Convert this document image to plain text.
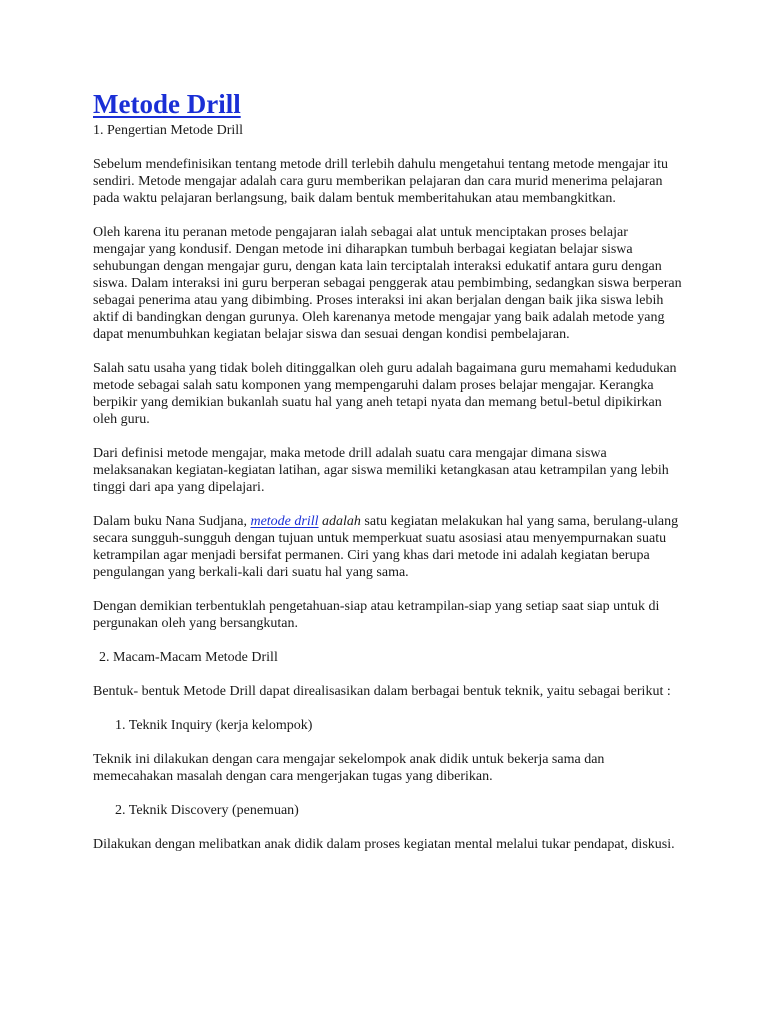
Metode Drill

1. Pengertian Metode Drill

Sebelum mendefinisikan tentang metode drill terlebih dahulu mengetahui tentang metode mengajar itu sendiri. Metode mengajar adalah cara guru memberikan pelajaran dan cara murid menerima pelajaran pada waktu pelajaran berlangsung, baik dalam bentuk memberitahukan atau membangkitkan.

Oleh karena itu peranan metode pengajaran ialah sebagai alat untuk menciptakan proses belajar mengajar yang kondusif. Dengan metode ini diharapkan tumbuh berbagai kegiatan belajar siswa sehubungan dengan mengajar guru, dengan kata lain terciptalah interaksi edukatif antara guru dengan siswa. Dalam interaksi ini guru berperan sebagai penggerak atau pembimbing, sedangkan siswa berperan sebagai penerima atau yang dibimbing. Proses interaksi ini akan berjalan dengan baik jika siswa lebih aktif di bandingkan dengan gurunya. Oleh karenanya metode mengajar yang baik adalah metode yang dapat menumbuhkan kegiatan belajar siswa dan sesuai dengan kondisi pembelajaran.

Salah satu usaha yang tidak boleh ditinggalkan oleh guru adalah bagaimana guru memahami kedudukan metode sebagai salah satu komponen yang mempengaruhi dalam proses belajar mengajar. Kerangka berpikir yang demikian bukanlah suatu hal yang aneh tetapi nyata dan memang betul-betul dipikirkan oleh guru.

Dari definisi metode mengajar, maka metode drill adalah suatu cara mengajar dimana siswa melaksanakan kegiatan-kegiatan latihan, agar siswa memiliki ketangkasan atau ketrampilan yang lebih tinggi dari apa yang dipelajari.

Dalam buku Nana Sudjana, metode drill adalah satu kegiatan melakukan hal yang sama, berulang-ulang secara sungguh-sungguh dengan tujuan untuk memperkuat suatu asosiasi atau menyempurnakan suatu ketrampilan agar menjadi bersifat permanen. Ciri yang khas dari metode ini adalah kegiatan berupa pengulangan yang berkali-kali dari suatu hal yang sama.

Dengan demikian terbentuklah pengetahuan-siap atau ketrampilan-siap yang setiap saat siap untuk di pergunakan oleh yang bersangkutan.

2. Macam-Macam Metode Drill

Bentuk- bentuk Metode Drill dapat direalisasikan dalam berbagai bentuk teknik, yaitu sebagai berikut :

1. Teknik Inquiry (kerja kelompok)

Teknik ini dilakukan dengan cara mengajar sekelompok anak didik untuk bekerja sama dan memecahakan masalah dengan cara mengerjakan tugas yang diberikan.

2. Teknik Discovery (penemuan)

Dilakukan dengan melibatkan anak didik dalam proses kegiatan mental melalui tukar pendapat, diskusi.
